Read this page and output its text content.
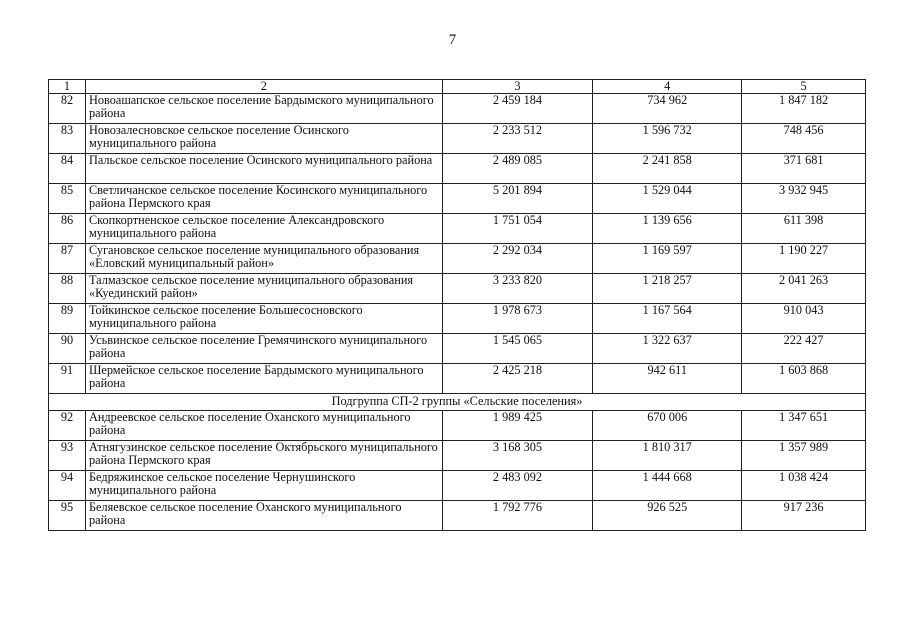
7
1	2	3	4	5
82	Новоашапское сельское поселение Бардымского муниципального района	2 459 184	734 962	1 847 182
83	Новозалесновское сельское поселение Осинского муниципального района	2 233 512	1 596 732	748 456
84	Пальское сельское поселение Осинского муниципального района	2 489 085	2 241 858	371 681
85	Светличанское сельское поселение Косинского муниципального района Пермского края	5 201 894	1 529 044	3 932 945
86	Скопкортненское сельское поселение Александровского муниципального района	1 751 054	1 139 656	611 398
87	Сугановское сельское поселение муниципального образования «Еловский муниципальный район»	2 292 034	1 169 597	1 190 227
88	Талмазское сельское поселение муниципального образования «Куединский район»	3 233 820	1 218 257	2 041 263
89	Тойкинское сельское поселение Большесосновского муниципального района	1 978 673	1 167 564	910 043
90	Усьвинское сельское поселение Гремячинского муниципального района	1 545 065	1 322 637	222 427
91	Шермейское сельское поселение Бардымского муниципального района	2 425 218	942 611	1 603 868
Подгруппа СП-2 группы «Сельские поселения»				
92	Андреевское сельское поселение Оханского муниципального района	1 989 425	670 006	1 347 651
93	Атнягузинское сельское поселение Октябрьского муниципального района Пермского края	3 168 305	1 810 317	1 357 989
94	Бедряжинское сельское поселение Чернушинского муниципального района	2 483 092	1 444 668	1 038 424
95	Беляевское сельское поселение Оханского муниципального района	1 792 776	926 525	917 236
